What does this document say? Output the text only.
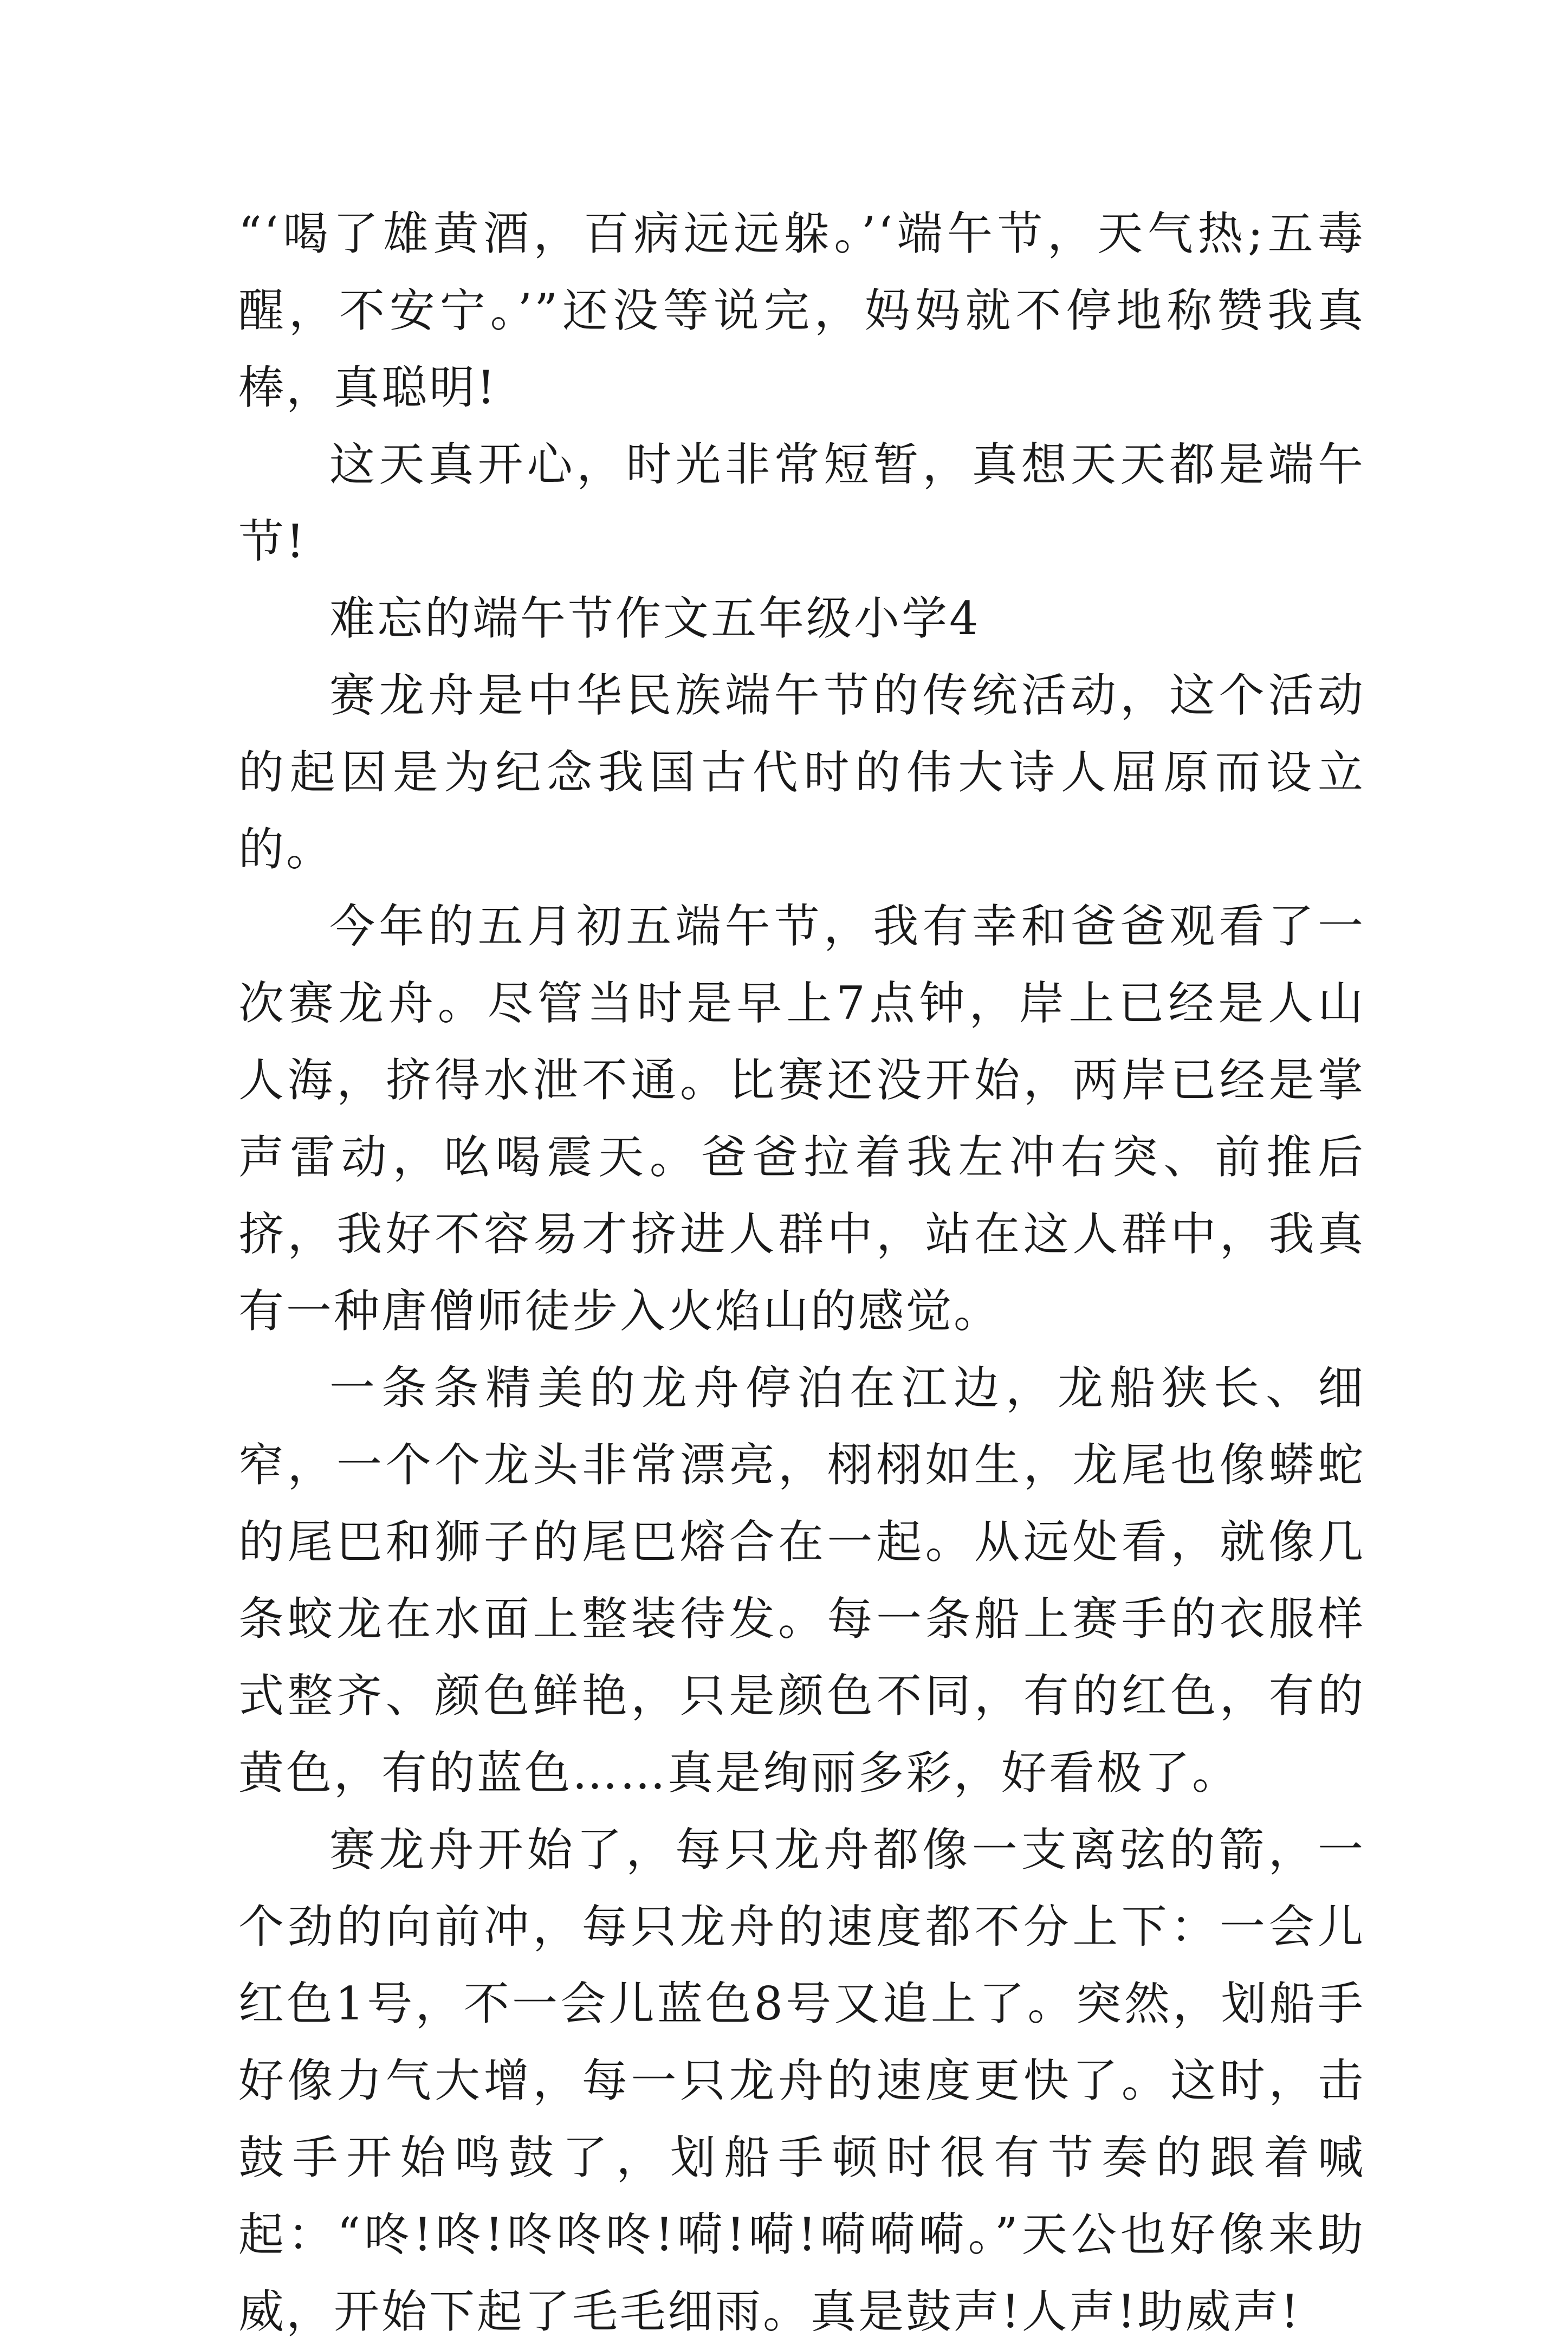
“‘喝了雄黄酒，百病远远躲。’‘端午节，天气热;五毒醒，不安宁。’”还没等说完，妈妈就不停地称赞我真棒，真聪明!

这天真开心，时光非常短暂，真想天天都是端午节!

难忘的端午节作文五年级小学4

赛龙舟是中华民族端午节的传统活动，这个活动的起因是为纪念我国古代时的伟大诗人屈原而设立的。

今年的五月初五端午节，我有幸和爸爸观看了一次赛龙舟。尽管当时是早上7点钟，岸上已经是人山人海，挤得水泄不通。比赛还没开始，两岸已经是掌声雷动，吆喝震天。爸爸拉着我左冲右突、前推后挤，我好不容易才挤进人群中，站在这人群中，我真有一种唐僧师徒步入火焰山的感觉。

一条条精美的龙舟停泊在江边，龙船狭长、细窄，一个个龙头非常漂亮，栩栩如生，龙尾也像蟒蛇的尾巴和狮子的尾巴熔合在一起。从远处看，就像几条蛟龙在水面上整装待发。每一条船上赛手的衣服样式整齐、颜色鲜艳，只是颜色不同，有的红色，有的黄色，有的蓝色……真是绚丽多彩，好看极了。

赛龙舟开始了，每只龙舟都像一支离弦的箭，一个劲的向前冲，每只龙舟的速度都不分上下：一会儿红色1号，不一会儿蓝色8号又追上了。突然，划船手好像力气大增，每一只龙舟的速度更快了。这时，击鼓手开始鸣鼓了，划船手顿时很有节奏的跟着喊起：“咚!咚!咚咚咚!嗬!嗬!嗬嗬嗬。”天公也好像来助威，开始下起了毛毛细雨。真是鼓声!人声!助威声!
